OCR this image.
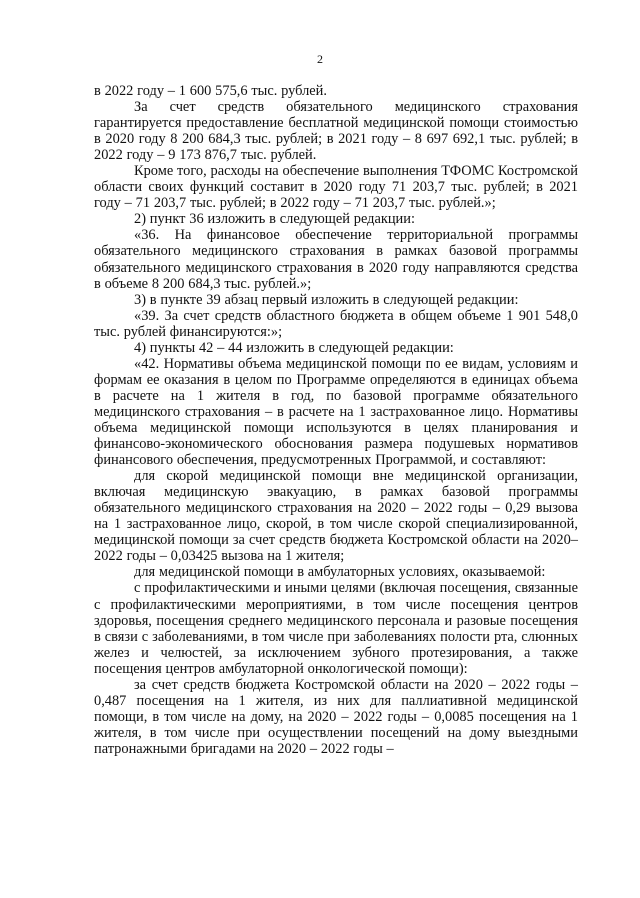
2

в 2022 году – 1 600 575,6 тыс. рублей.

За счет средств обязательного медицинского страхования гарантируется предоставление бесплатной медицинской помощи стоимостью в 2020 году 8 200 684,3 тыс. рублей; в 2021 году – 8 697 692,1 тыс. рублей; в 2022 году – 9 173 876,7 тыс. рублей.

Кроме того, расходы на обеспечение выполнения ТФОМС Костромской области своих функций составит в 2020 году 71 203,7 тыс. рублей; в 2021 году – 71 203,7 тыс. рублей; в 2022 году – 71 203,7 тыс. рублей.»;

2) пункт 36 изложить в следующей редакции:

«36. На финансовое обеспечение территориальной программы обязательного медицинского страхования в рамках базовой программы обязательного медицинского страхования в 2020 году направляются средства в объеме 8 200 684,3 тыс. рублей.»;

3) в пункте 39 абзац первый изложить в следующей редакции:

«39. За счет средств областного бюджета в общем объеме 1 901 548,0 тыс. рублей финансируются:»;

4) пункты 42 – 44 изложить в следующей редакции:

«42. Нормативы объема медицинской помощи по ее видам, условиям и формам ее оказания в целом по Программе определяются в единицах объема в расчете на 1 жителя в год, по базовой программе обязательного медицинского страхования – в расчете на 1 застрахованное лицо. Нормативы объема медицинской помощи используются в целях планирования и финансово-экономического обоснования размера подушевых нормативов финансового обеспечения, предусмотренных Программой, и составляют:

для скорой медицинской помощи вне медицинской организации, включая медицинскую эвакуацию, в рамках базовой программы обязательного медицинского страхования на 2020 – 2022 годы – 0,29 вызова на 1 застрахованное лицо, скорой, в том числе скорой специализированной, медицинской помощи за счет средств бюджета Костромской области на 2020– 2022 годы – 0,03425 вызова на 1 жителя;

для медицинской помощи в амбулаторных условиях, оказываемой:

с профилактическими и иными целями (включая посещения, связанные с профилактическими мероприятиями, в том числе посещения центров здоровья, посещения среднего медицинского персонала и разовые посещения в связи с заболеваниями, в том числе при заболеваниях полости рта, слюнных желез и челюстей, за исключением зубного протезирования, а также посещения центров амбулаторной онкологической помощи):

за счет средств бюджета Костромской области на 2020 – 2022 годы – 0,487 посещения на 1 жителя, из них для паллиативной медицинской помощи, в том числе на дому, на 2020 – 2022 годы – 0,0085 посещения на 1 жителя, в том числе при осуществлении посещений на дому выездными патронажными бригадами на 2020 – 2022 годы –
